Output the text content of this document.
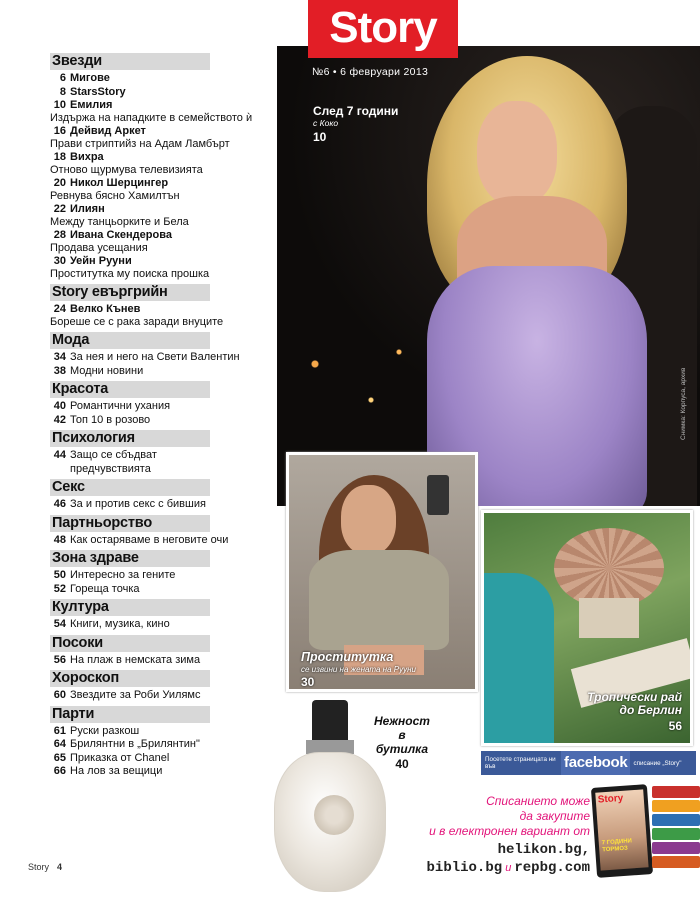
Звезди
6 Мигове
8 StarsStory
10 Емилия
Издържа на нападките в семейството ѝ
16 Дейвид Аркет
Прави стриптийз на Адам Ламбърт
18 Вихра
Отново щурмува телевизията
20 Никол Шерцингер
Ревнува бясно Хамилтън
22 Илиян
Между танцьорките и Бела
28 Ивана Скендерова
Продава усещания
30 Уейн Рууни
Проститутка му поиска прошка
Story евъргрийн
24 Велко Кънев
Бореше се с рака заради внуците
Мода
34 За нея и него на Свети Валентин
38 Модни новини
Красота
40 Романтични ухания
42 Топ 10 в розово
Психология
44 Защо се сбъдват
предчувствията
Секс
46 За и против секс с бившия
Партньорство
48 Как остаряваме в неговите очи
Зона здраве
50 Интересно за гените
52 Гореща точка
Култура
54 Книги, музика, кино
Посоки
56 На плаж в немската зима
Хороскоп
60 Звездите за Роби Уилямс
Парти
61 Руски разкош
64 Брилянтни в „Брилянтин"
65 Приказка от Chanel
66 На лов за вещици
Story
№6 • 6 февруари 2013
След 7 години
с Коко
10
Снимка: Корпуса, архив
Проститутка
се извини на жената на Рууни
30
Тропически рай
до Берлин
56
Нежност в
бутилка
40	Посетете страницата ни във	facebook списание „Story"
Списанието може
да закупите
и в електронен вариант от
helikon.bg,
biblio.bg и repbg.com
Story
7 ГОДИНИ ТОРМОЗ
Story 4
